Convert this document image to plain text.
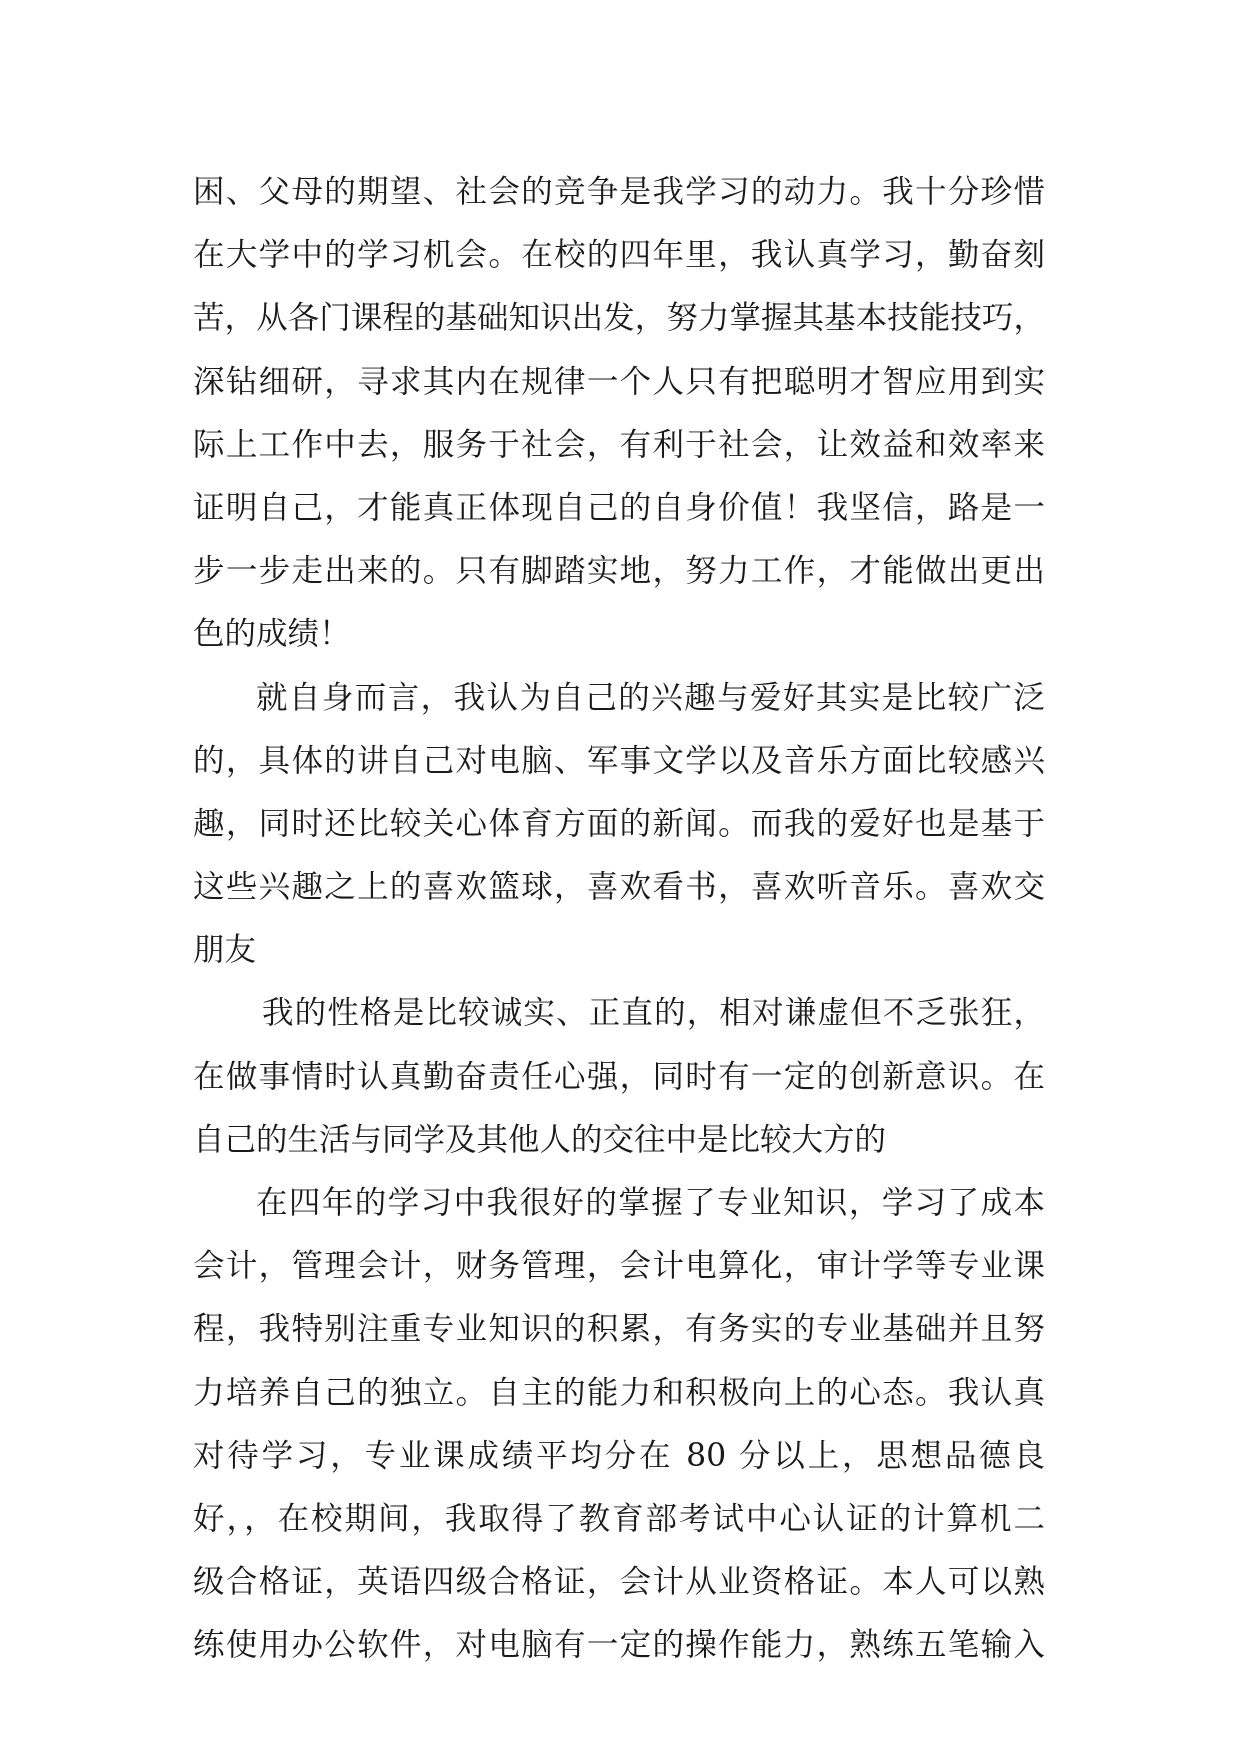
困、父母的期望、社会的竞争是我学习的动力。我十分珍惜
在大学中的学习机会。在校的四年里，我认真学习，勤奋刻
苦，从各门课程的基础知识出发，努力掌握其基本技能技巧，
深钻细研，寻求其内在规律一个人只有把聪明才智应用到实
际上工作中去，服务于社会，有利于社会，让效益和效率来
证明自己，才能真正体现自己的自身价值！我坚信，路是一
步一步走出来的。只有脚踏实地，努力工作，才能做出更出
色的成绩！
就自身而言，我认为自己的兴趣与爱好其实是比较广泛
的，具体的讲自己对电脑、军事文学以及音乐方面比较感兴
趣，同时还比较关心体育方面的新闻。而我的爱好也是基于
这些兴趣之上的喜欢篮球，喜欢看书，喜欢听音乐。喜欢交
朋友
我的性格是比较诚实、正直的，相对谦虚但不乏张狂，
在做事情时认真勤奋责任心强，同时有一定的创新意识。在
自己的生活与同学及其他人的交往中是比较大方的
在四年的学习中我很好的掌握了专业知识，学习了成本
会计，管理会计，财务管理，会计电算化，审计学等专业课
程，我特别注重专业知识的积累，有务实的专业基础并且努
力培养自己的独立。自主的能力和积极向上的心态。我认真
对待学习，专业课成绩平均分在 80 分以上，思想品德良
好，，在校期间，我取得了教育部考试中心认证的计算机二
级合格证，英语四级合格证，会计从业资格证。本人可以熟
练使用办公软件，对电脑有一定的操作能力，熟练五笔输入
